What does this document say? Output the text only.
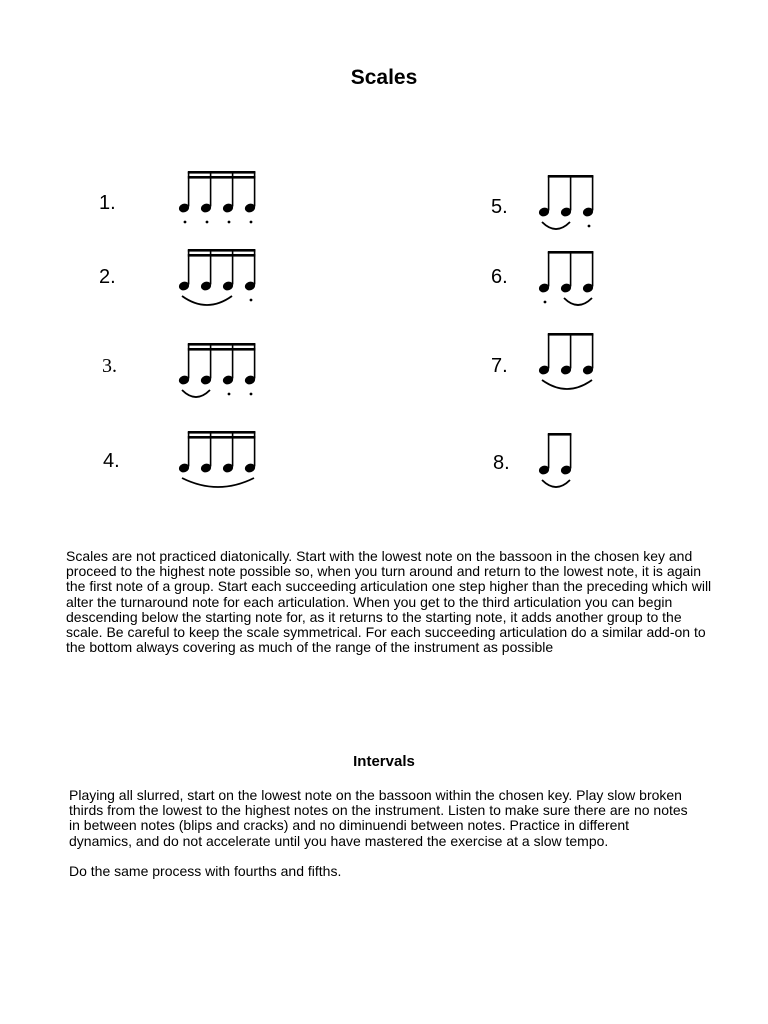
Scales
1.
2.
3.
4.
5.
6.
7.
8.
Scales are not practiced diatonically. Start with the lowest note on the bassoon in the chosen key and
proceed to the highest note possible so, when you turn around and return to the lowest note, it is again
the first note of a group. Start each succeeding articulation one step higher than the preceding which will
alter the turnaround note for each articulation. When you get to the third articulation you can begin
descending below the starting note for, as it returns to the starting note, it adds another group to the
scale. Be careful to keep the scale symmetrical. For each succeeding articulation do a similar add-on to
the bottom always covering as much of the range of the instrument as possible
Intervals
Playing all slurred, start on the lowest note on the bassoon within the chosen key. Play slow broken
thirds from the lowest to the highest notes on the instrument. Listen to make sure there are no notes
in between notes (blips and cracks) and no diminuendi between notes. Practice in different
dynamics, and do not accelerate until you have mastered the exercise at a slow tempo.
Do the same process with fourths and fifths.
